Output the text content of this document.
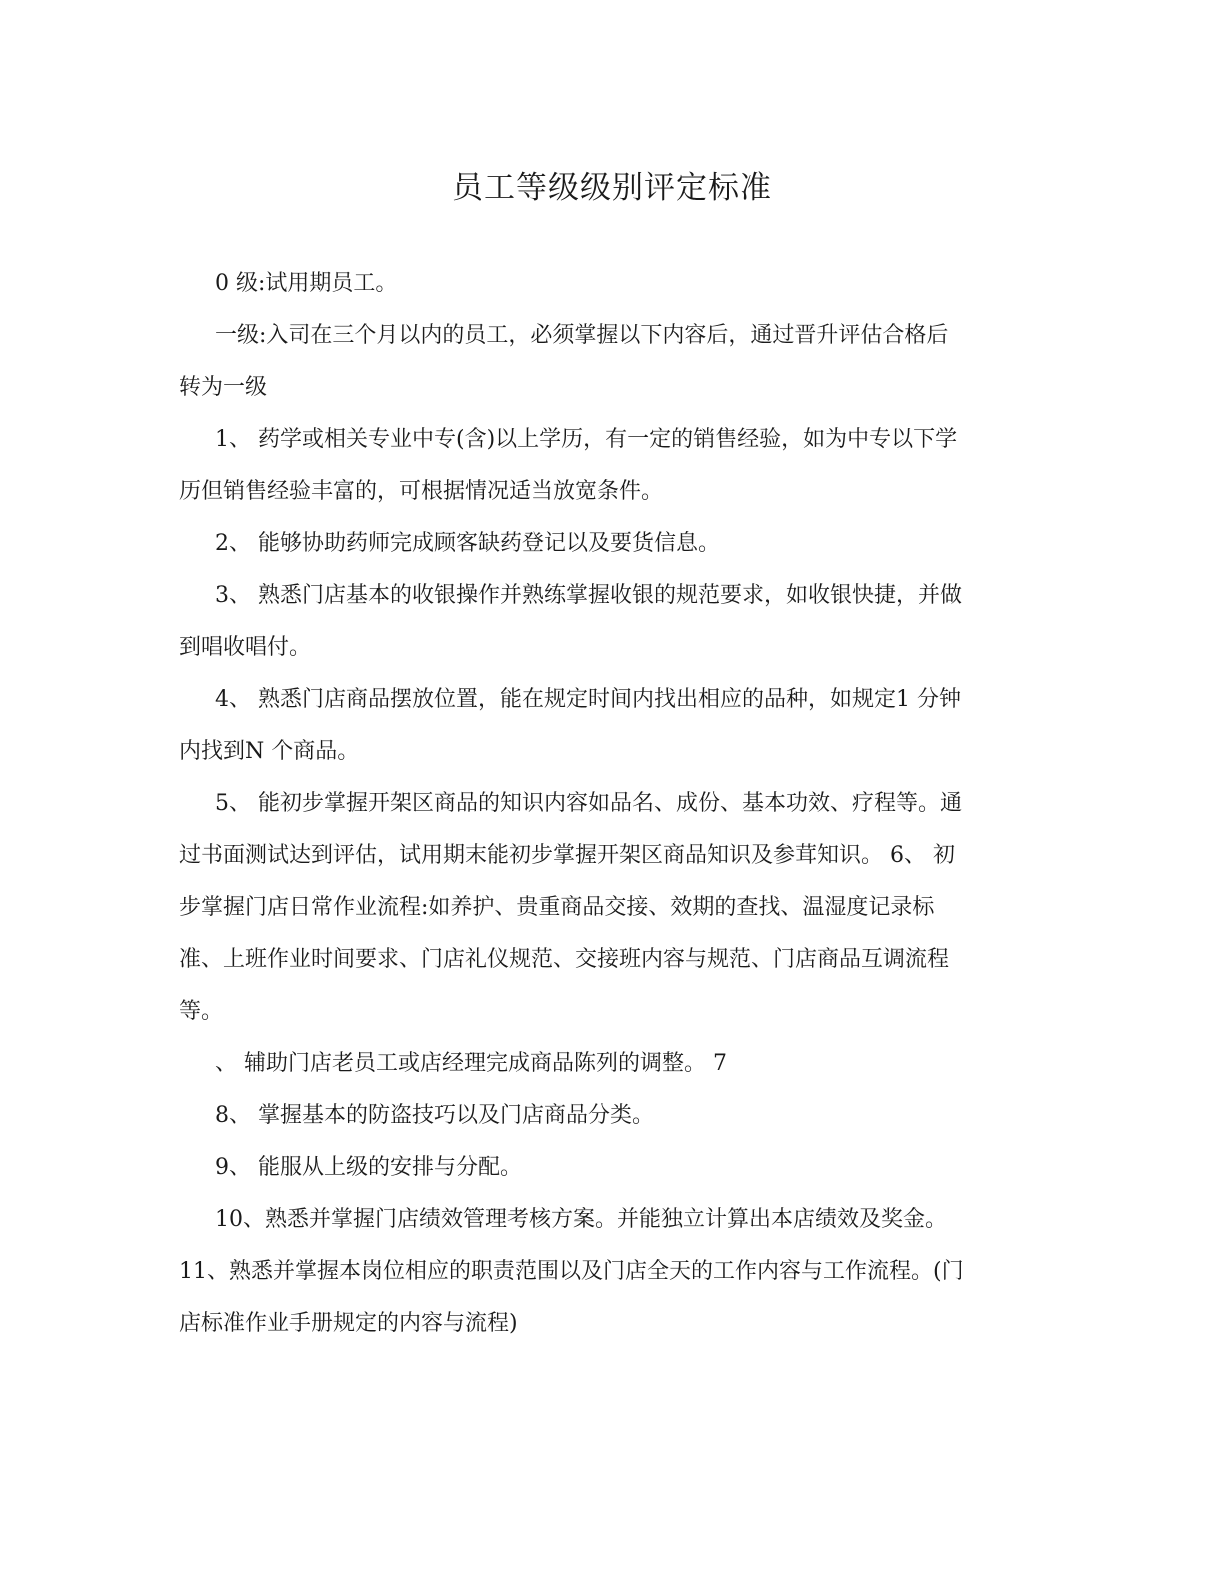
员工等级级别评定标准
0 级:试用期员工。
一级:入司在三个月以内的员工，必须掌握以下内容后，通过晋升评估合格后
转为一级
1、 药学或相关专业中专(含)以上学历，有一定的销售经验，如为中专以下学
历但销售经验丰富的，可根据情况适当放宽条件。
2、 能够协助药师完成顾客缺药登记以及要货信息。
3、 熟悉门店基本的收银操作并熟练掌握收银的规范要求，如收银快捷，并做
到唱收唱付。
4、 熟悉门店商品摆放位置，能在规定时间内找出相应的品种，如规定1 分钟
内找到N 个商品。
5、 能初步掌握开架区商品的知识内容如品名、成份、基本功效、疗程等。通
过书面测试达到评估，试用期末能初步掌握开架区商品知识及参茸知识。 6、 初
步掌握门店日常作业流程:如养护、贵重商品交接、效期的查找、温湿度记录标
准、上班作业时间要求、门店礼仪规范、交接班内容与规范、门店商品互调流程
等。
、 辅助门店老员工或店经理完成商品陈列的调整。 7
8、 掌握基本的防盗技巧以及门店商品分类。
9、 能服从上级的安排与分配。
10、熟悉并掌握门店绩效管理考核方案。并能独立计算出本店绩效及奖金。
11、熟悉并掌握本岗位相应的职责范围以及门店全天的工作内容与工作流程。(门
店标准作业手册规定的内容与流程)
